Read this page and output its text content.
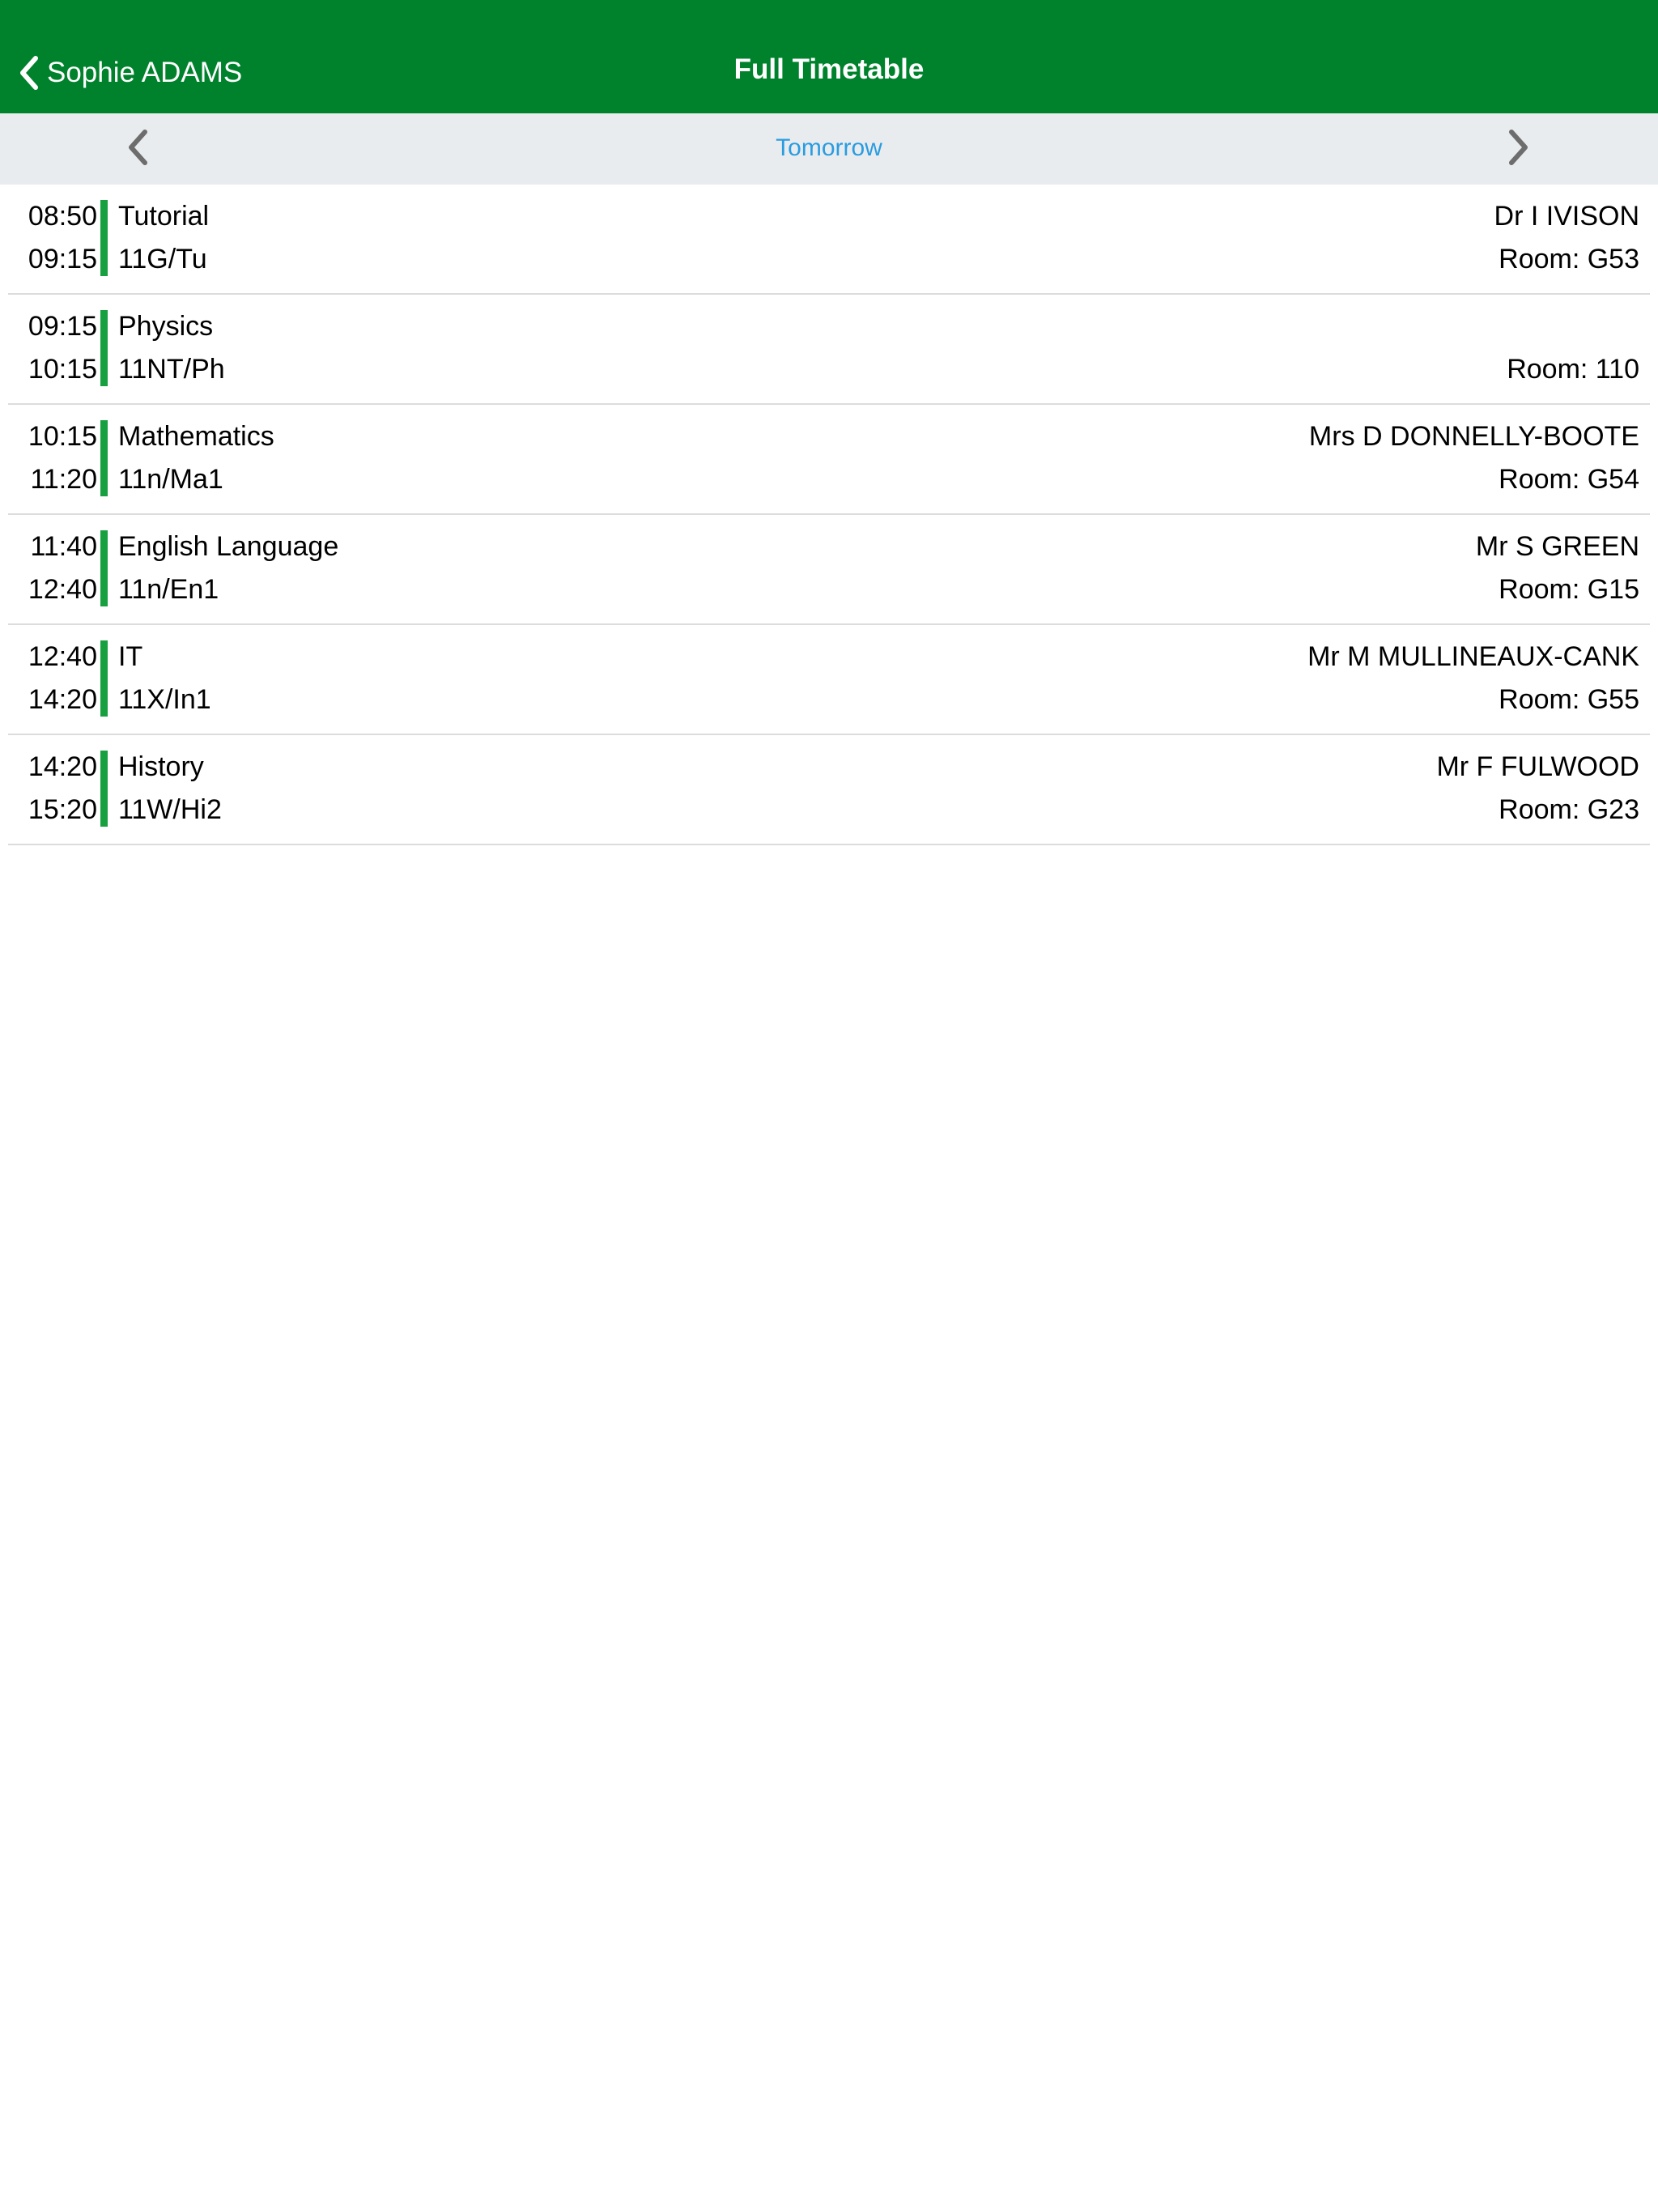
Sophie ADAMS	Full Timetable
Tomorrow
08:50
09:15
Tutorial
11G/Tu
Dr I IVISON
Room: G53
09:15
10:15
Physics
11NT/Ph	Room: 110
10:15
11:20
Mathematics
11n/Ma1
Mrs D DONNELLY-BOOTE
Room: G54
11:40
12:40
English Language
11n/En1
Mr S GREEN
Room: G15
12:40
14:20
IT
11X/In1
Mr M MULLINEAUX-CANK
Room: G55
14:20
15:20
History
11W/Hi2
Mr F FULWOOD
Room: G23
